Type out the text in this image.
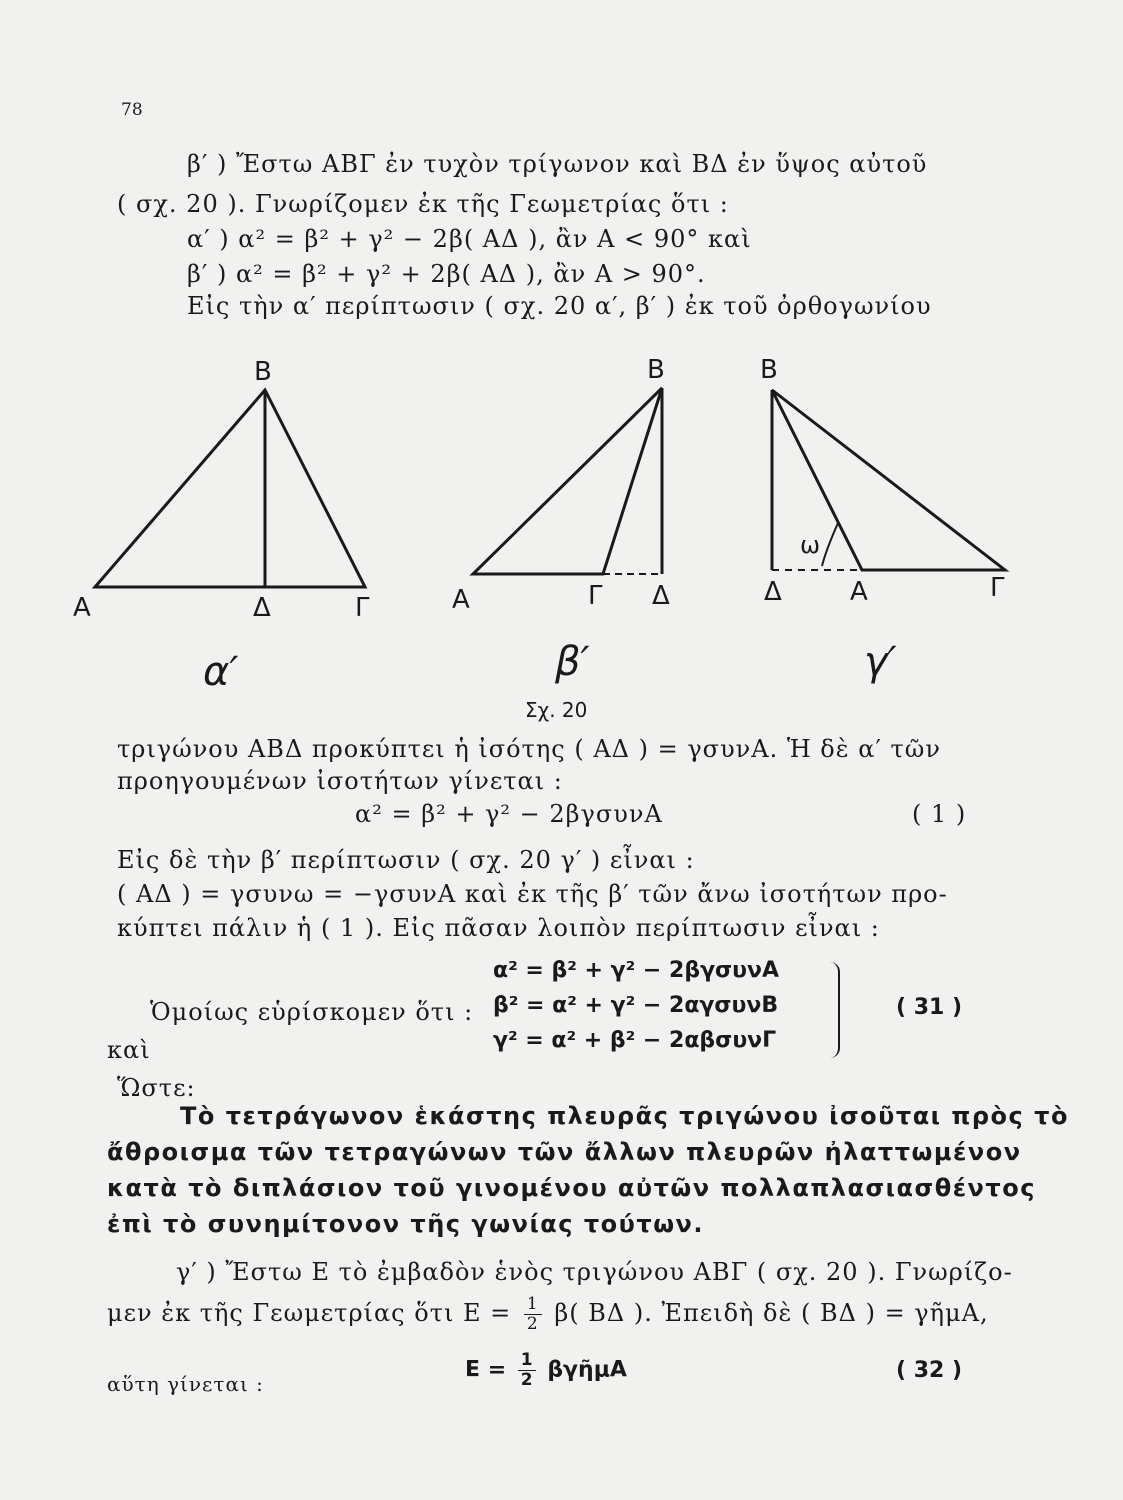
78
β′ ) Ἔστω ΑΒΓ ἐν τυχὸν τρίγωνον καὶ ΒΔ ἐν ὕψος αὐτοῦ
( σχ. 20 ). Γνωρίζομεν ἐκ τῆς Γεωμετρίας ὅτι :
α′ ) α² = β² + γ² − 2β( ΑΔ ), ἂν Α < 90° καὶ
β′ ) α² = β² + γ² + 2β( ΑΔ ), ἂν Α > 90°.
Εἰς τὴν α′ περίπτωσιν ( σχ. 20 α′, β′ ) ἐκ τοῦ ὀρθογωνίου
Β
Α	Δ	Γ
Β
Α	Γ Δ
Β
Δ	Α	Γ
ω
α′	β′	γ′
Σχ. 20
τριγώνου ΑΒΔ προκύπτει ἡ ἰσότης ( ΑΔ ) = γσυνΑ. Ἡ δὲ α′ τῶν
προηγουμένων ἰσοτήτων γίνεται :
α² = β² + γ² − 2βγσυνΑ	( 1 )
Εἰς δὲ τὴν β′ περίπτωσιν ( σχ. 20 γ′ ) εἶναι :
( ΑΔ ) = γσυνω = −γσυνΑ καὶ ἐκ τῆς β′ τῶν ἄνω ἰσοτήτων προ-
κύπτει πάλιν ἡ ( 1 ). Εἰς πᾶσαν λοιπὸν περίπτωσιν εἶναι :
Ὁμοίως εὑρίσκομεν ὅτι :
καὶ
α² = β² + γ² − 2βγσυνΑ
β² = α² + γ² − 2αγσυνΒ
γ² = α² + β² − 2αβσυνΓ
( 31 )
Ὥστε:
Τὸ τετράγωνον ἑκάστης πλευρᾶς τριγώνου ἰσοῦται πρὸς τὸ
ἄθροισμα τῶν τετραγώνων τῶν ἄλλων πλευρῶν ἠλαττωμένον
κατὰ τὸ διπλάσιον τοῦ γινομένου αὐτῶν πολλαπλασιασθέντος
ἐπὶ τὸ συνημίτονον τῆς γωνίας τούτων.
γ′ ) Ἔστω Ε τὸ ἐμβαδὸν ἑνὸς τριγώνου ΑΒΓ ( σχ. 20 ). Γνωρίζο-
μεν ἐκ τῆς Γεωμετρίας ὅτι $E = \frac{1}{2} \beta$( ΒΔ ). Ἐπειδὴ δὲ ( ΒΔ ) = γῆμΑ,
αὕτη γίνεται :
$E = \frac{1}{2}$ βγῆμΑ	( 32 )
